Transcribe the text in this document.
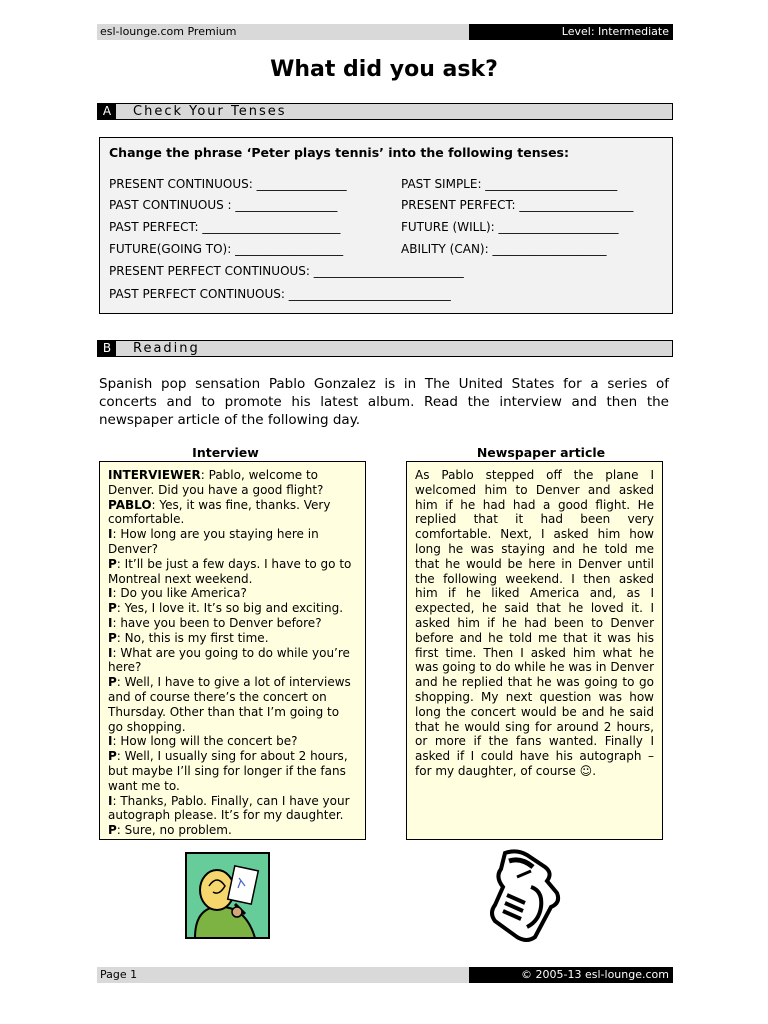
esl-lounge.com Premium	Level: Intermediate
What did you ask?
A	Check Your Tenses
Change the phrase ‘Peter plays tennis’ into the following tenses:
PRESENT CONTINUOUS: _______________	PAST SIMPLE: ______________________
PAST CONTINUOUS : _________________	PRESENT PERFECT: ___________________
PAST PERFECT: _______________________	FUTURE (WILL): ____________________
FUTURE(GOING TO): __________________	ABILITY (CAN): ___________________
PRESENT PERFECT CONTINUOUS: _________________________
PAST PERFECT CONTINUOUS: ___________________________
B	Reading

Spanish pop sensation Pablo Gonzalez is in The United States for a series of concerts and to promote his latest album. Read the interview and then the newspaper article of the following day.

Interview	Newspaper article
INTERVIEWER: Pablo, welcome to Denver. Did you have a good flight?
PABLO: Yes, it was fine, thanks. Very comfortable.
I: How long are you staying here in Denver?
P: It’ll be just a few days. I have to go to Montreal next weekend.
I: Do you like America?
P: Yes, I love it. It’s so big and exciting.
I: have you been to Denver before?
P: No, this is my first time.
I: What are you going to do while you’re here?
P: Well, I have to give a lot of interviews and of course there’s the concert on Thursday. Other than that I’m going to go shopping.
I: How long will the concert be?
P: Well, I usually sing for about 2 hours, but maybe I’ll sing for longer if the fans want me to.
I: Thanks, Pablo. Finally, can I have your autograph please. It’s for my daughter.
P: Sure, no problem.
As Pablo stepped off the plane I welcomed him to Denver and asked him if he had had a good flight. He replied that it had been very comfortable. Next, I asked him how long he was staying and he told me that he would be here in Denver until the following weekend. I then asked him if he liked America and, as I expected, he said that he loved it. I asked him if he had been to Denver before and he told me that it was his first time. Then I asked him what he was going to do while he was in Denver and he replied that he was going to go shopping. My next question was how long the concert would be and he said that he would sing for around 2 hours, or more if the fans wanted. Finally I asked if I could have his autograph – for my daughter, of course ☺.
Page 1	© 2005-13 esl-lounge.com
